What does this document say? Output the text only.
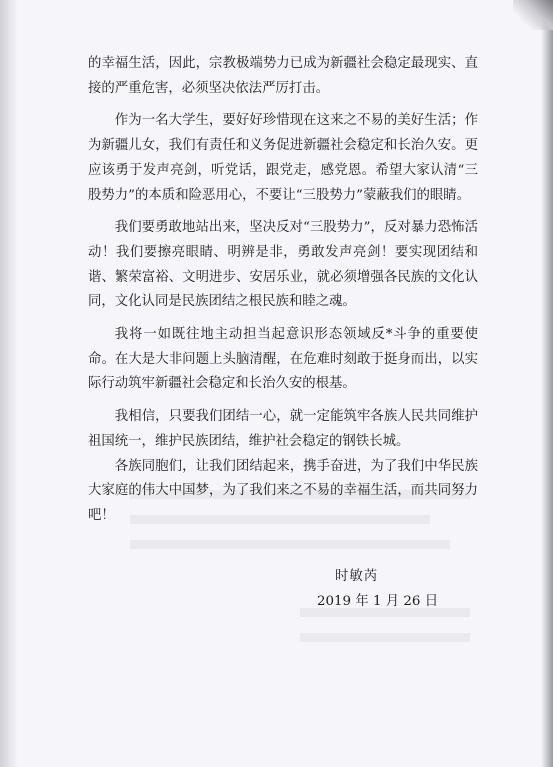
的幸福生活，因此，宗教极端势力已成为新疆社会稳定最现实、直接的严重危害，必须坚决依法严厉打击。

作为一名大学生，要好好珍惜现在这来之不易的美好生活；作为新疆儿女，我们有责任和义务促进新疆社会稳定和长治久安。更应该勇于发声亮剑，听党话，跟党走，感党恩。希望大家认清“三股势力”的本质和险恶用心，不要让“三股势力”蒙蔽我们的眼睛。

我们要勇敢地站出来，坚决反对“三股势力”，反对暴力恐怖活动！我们要擦亮眼睛、明辨是非，勇敢发声亮剑！要实现团结和谐、繁荣富裕、文明进步、安居乐业，就必须增强各民族的文化认同，文化认同是民族团结之根民族和睦之魂。

我将一如既往地主动担当起意识形态领域反*斗争的重要使命。在大是大非问题上头脑清醒，在危难时刻敢于挺身而出，以实际行动筑牢新疆社会稳定和长治久安的根基。

我相信，只要我们团结一心，就一定能筑牢各族人民共同维护祖国统一，维护民族团结，维护社会稳定的钢铁长城。

各族同胞们，让我们团结起来，携手奋进，为了我们中华民族大家庭的伟大中国梦，为了我们来之不易的幸福生活，而共同努力吧！

时敏芮
2019 年 1 月 26 日
